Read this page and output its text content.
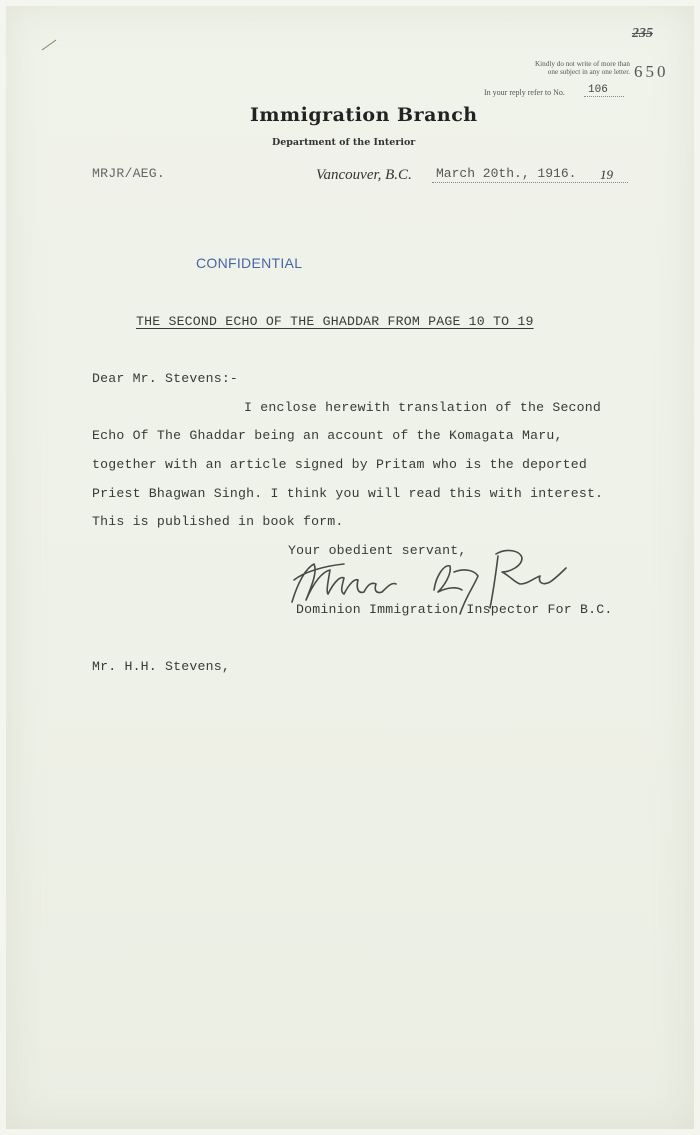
235
Kindly do not write of more than
one subject in any one letter. 650
In your reply refer to No. 106
Immigration Branch
Department of the Interior
MRJR/AEG.	Vancouver, B.C. March 20th., 1916. 19
CONFIDENTIAL
THE SECOND ECHO OF THE GHADDAR FROM PAGE 10 TO 19
Dear Mr. Stevens:-
I enclose herewith translation of the Second
Echo Of The Ghaddar being an account of the Komagata Maru,
together with an article signed by Pritam who is the deported
Priest Bhagwan Singh. I think you will read this with interest.
This is published in book form.
Your obedient servant,
Dominion Immigration Inspector For B.C.
Mr. H.H. Stevens,
